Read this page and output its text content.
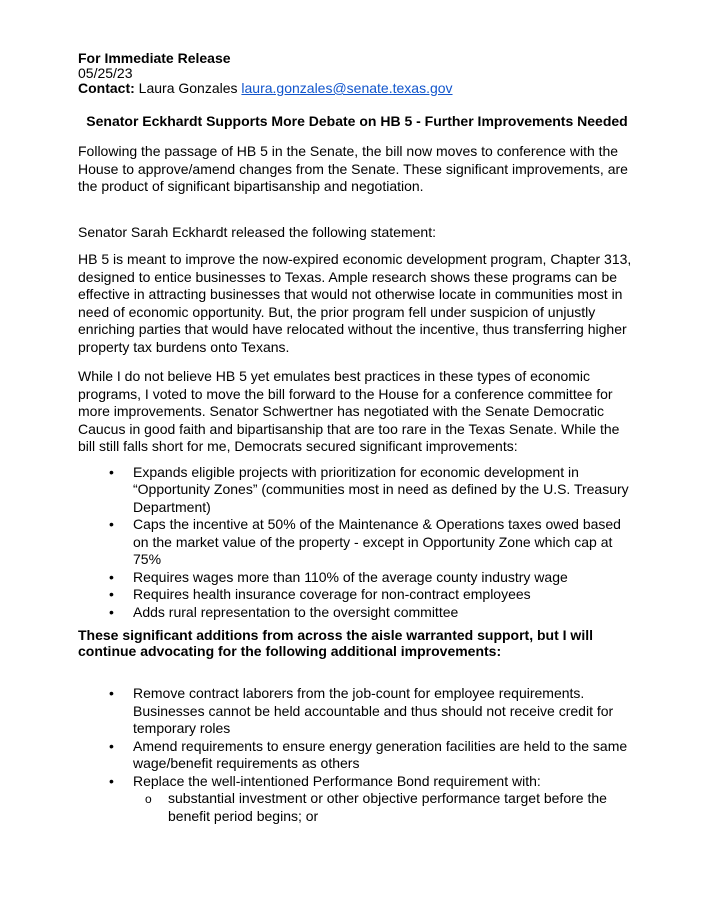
For Immediate Release
05/25/23
Contact: Laura Gonzales laura.gonzales@senate.texas.gov
Senator Eckhardt Supports More Debate on HB 5 - Further Improvements Needed

Following the passage of HB 5 in the Senate, the bill now moves to conference with the House to approve/amend changes from the Senate. These significant improvements, are the product of significant bipartisanship and negotiation.

Senator Sarah Eckhardt released the following statement:

HB 5 is meant to improve the now-expired economic development program, Chapter 313, designed to entice businesses to Texas. Ample research shows these programs can be effective in attracting businesses that would not otherwise locate in communities most in need of economic opportunity. But, the prior program fell under suspicion of unjustly enriching parties that would have relocated without the incentive, thus transferring higher property tax burdens onto Texans.

While I do not believe HB 5 yet emulates best practices in these types of economic programs, I voted to move the bill forward to the House for a conference committee for more improvements. Senator Schwertner has negotiated with the Senate Democratic Caucus in good faith and bipartisanship that are too rare in the Texas Senate. While the bill still falls short for me, Democrats secured significant improvements:

• Expands eligible projects with prioritization for economic development in “Opportunity Zones” (communities most in need as defined by the U.S. Treasury Department)
• Caps the incentive at 50% of the Maintenance & Operations taxes owed based on the market value of the property - except in Opportunity Zone which cap at 75%
• Requires wages more than 110% of the average county industry wage
• Requires health insurance coverage for non-contract employees
• Adds rural representation to the oversight committee

These significant additions from across the aisle warranted support, but I will continue advocating for the following additional improvements:

• Remove contract laborers from the job-count for employee requirements. Businesses cannot be held accountable and thus should not receive credit for temporary roles
• Amend requirements to ensure energy generation facilities are held to the same wage/benefit requirements as others
• Replace the well-intentioned Performance Bond requirement with:
o substantial investment or other objective performance target before the benefit period begins; or
